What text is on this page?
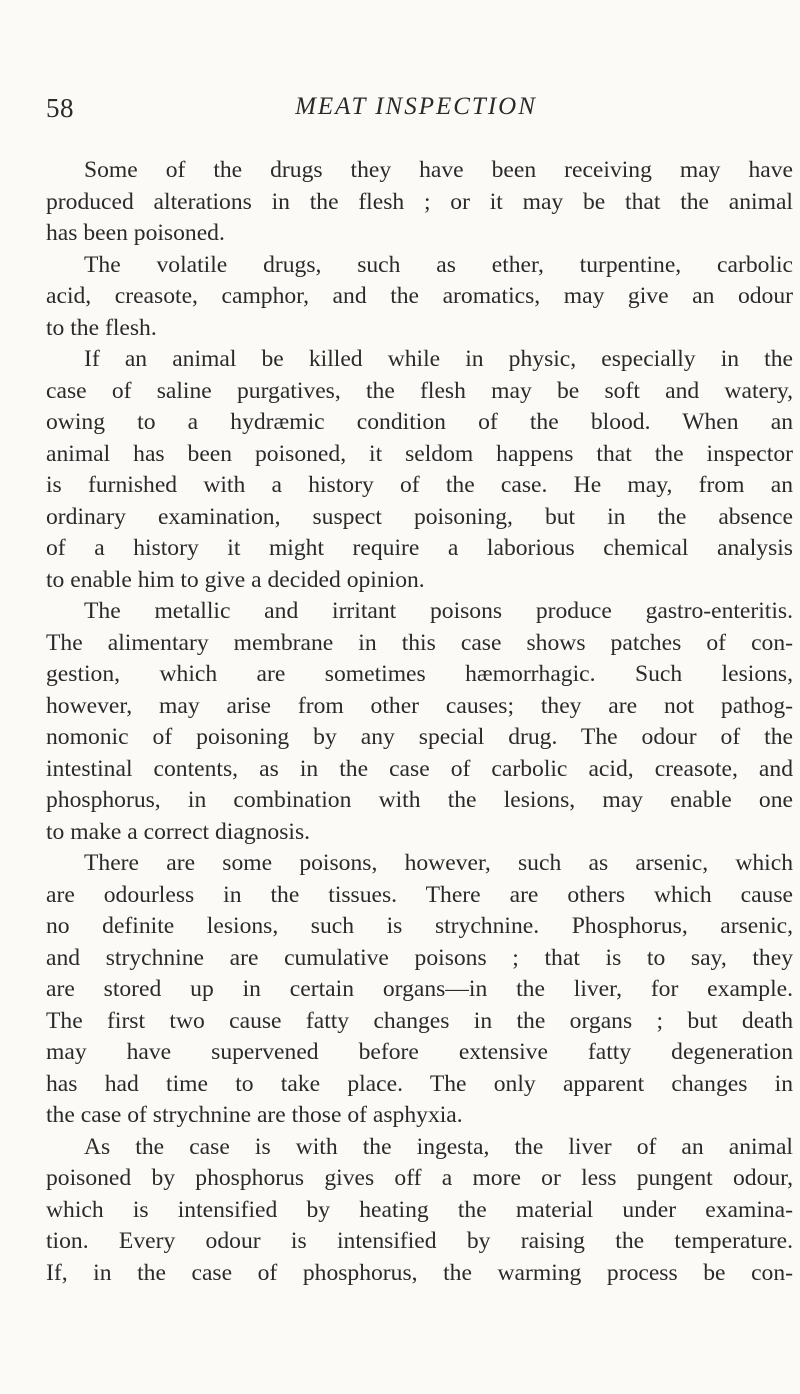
58	MEAT INSPECTION
Some of the drugs they have been receiving may have
produced alterations in the flesh ; or it may be that the animal
has been poisoned.
The volatile drugs, such as ether, turpentine, carbolic
acid, creasote, camphor, and the aromatics, may give an odour
to the flesh.
If an animal be killed while in physic, especially in the
case of saline purgatives, the flesh may be soft and watery,
owing to a hydræmic condition of the blood. When an
animal has been poisoned, it seldom happens that the inspector
is furnished with a history of the case. He may, from an
ordinary examination, suspect poisoning, but in the absence
of a history it might require a laborious chemical analysis
to enable him to give a decided opinion.
The metallic and irritant poisons produce gastro-enteritis.
The alimentary membrane in this case shows patches of con-
gestion, which are sometimes hæmorrhagic. Such lesions,
however, may arise from other causes; they are not pathog-
nomonic of poisoning by any special drug. The odour of the
intestinal contents, as in the case of carbolic acid, creasote, and
phosphorus, in combination with the lesions, may enable one
to make a correct diagnosis.
There are some poisons, however, such as arsenic, which
are odourless in the tissues. There are others which cause
no definite lesions, such is strychnine. Phosphorus, arsenic,
and strychnine are cumulative poisons ; that is to say, they
are stored up in certain organs—in the liver, for example.
The first two cause fatty changes in the organs ; but death
may have supervened before extensive fatty degeneration
has had time to take place. The only apparent changes in
the case of strychnine are those of asphyxia.
As the case is with the ingesta, the liver of an animal
poisoned by phosphorus gives off a more or less pungent odour,
which is intensified by heating the material under examina-
tion. Every odour is intensified by raising the temperature.
If, in the case of phosphorus, the warming process be con-
